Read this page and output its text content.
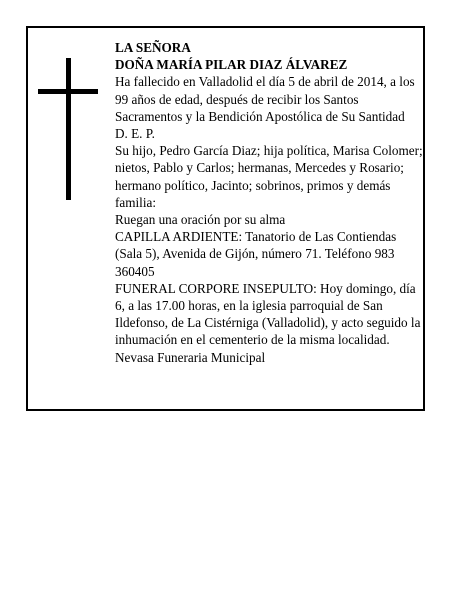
LA SEÑORA

DOÑA MARÍA PILAR DIAZ ÁLVAREZ

Ha fallecido en Valladolid el día 5 de abril de 2014, a los 99 años de edad, después de recibir los Santos Sacramentos y la Bendición Apostólica de Su Santidad

D. E. P.

Su hijo, Pedro García Diaz; hija política, Marisa Colomer; nietos, Pablo y Carlos; hermanas, Mercedes y Rosario; hermano político, Jacinto; sobrinos, primos y demás familia:

Ruegan una oración por su alma

CAPILLA ARDIENTE: Tanatorio de Las Contiendas (Sala 5), Avenida de Gijón, número 71. Teléfono 983 360405

FUNERAL CORPORE INSEPULTO: Hoy domingo, día 6, a las 17.00 horas, en la iglesia parroquial de San Ildefonso, de La Cistérniga (Valladolid), y acto seguido la inhumación en el cementerio de la misma localidad.

Nevasa Funeraria Municipal
